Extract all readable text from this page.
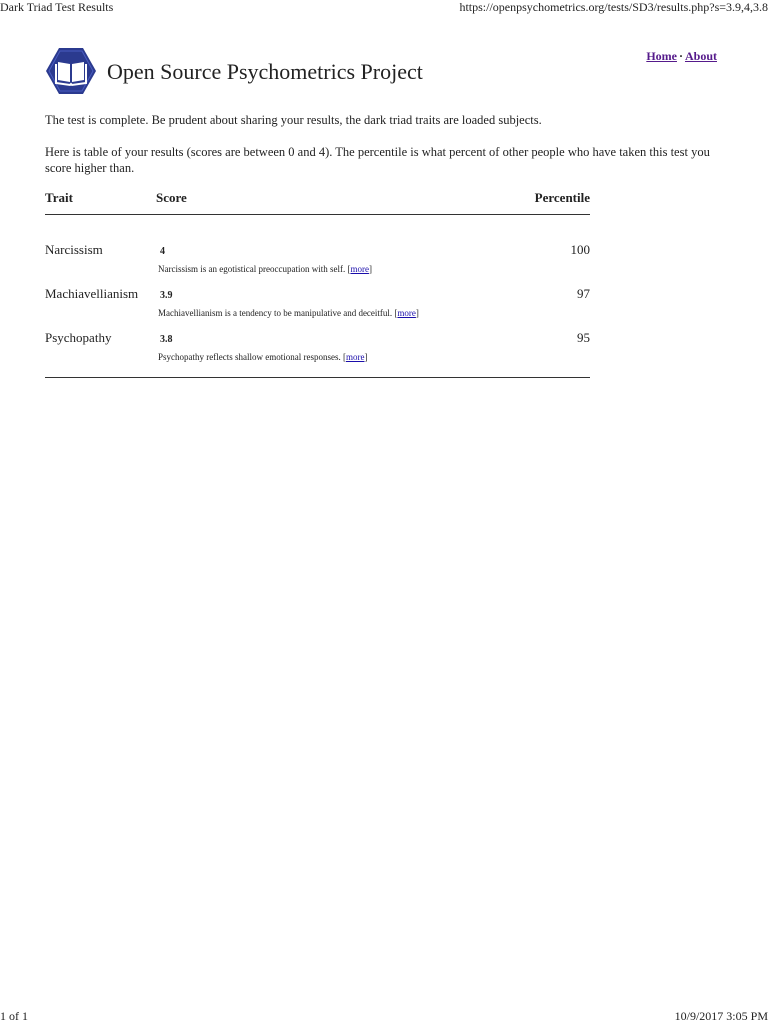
Dark Triad Test Results	https://openpsychometrics.org/tests/SD3/results.php?s=3.9,4,3.8
Open Source Psychometrics Project
Home · About
The test is complete. Be prudent about sharing your results, the dark triad traits are loaded subjects.
Here is table of your results (scores are between 0 and 4). The percentile is what percent of other people who have taken this test you score higher than.
Trait	Score	Percentile
Narcissism	4	100
Narcissism is an egotistical preoccupation with self. [more]
Machiavellianism 3.9	97
Machiavellianism is a tendency to be manipulative and deceitful. [more]
Psychopathy	3.8	95
Psychopathy reflects shallow emotional responses. [more]
1 of 1	10/9/2017 3:05 PM
